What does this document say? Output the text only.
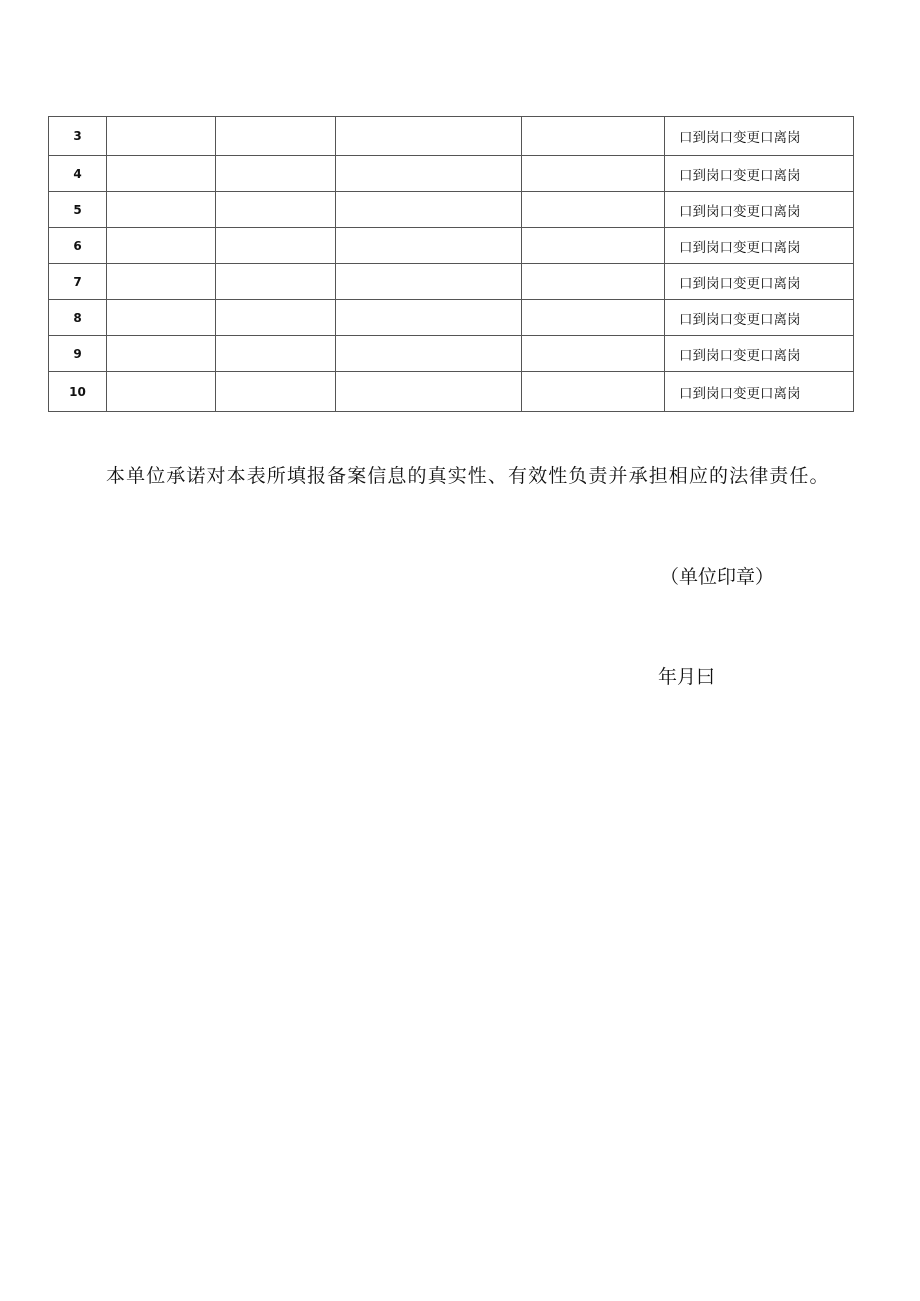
3					口到岗口变更口离岗
4					口到岗口变更口离岗
5					口到岗口变更口离岗
6					口到岗口变更口离岗
7					口到岗口变更口离岗
8					口到岗口变更口离岗
9					口到岗口变更口离岗
10					口到岗口变更口离岗

本单位承诺对本表所填报备案信息的真实性、有效性负责并承担相应的法律责任。

（单位印章）
年月曰
